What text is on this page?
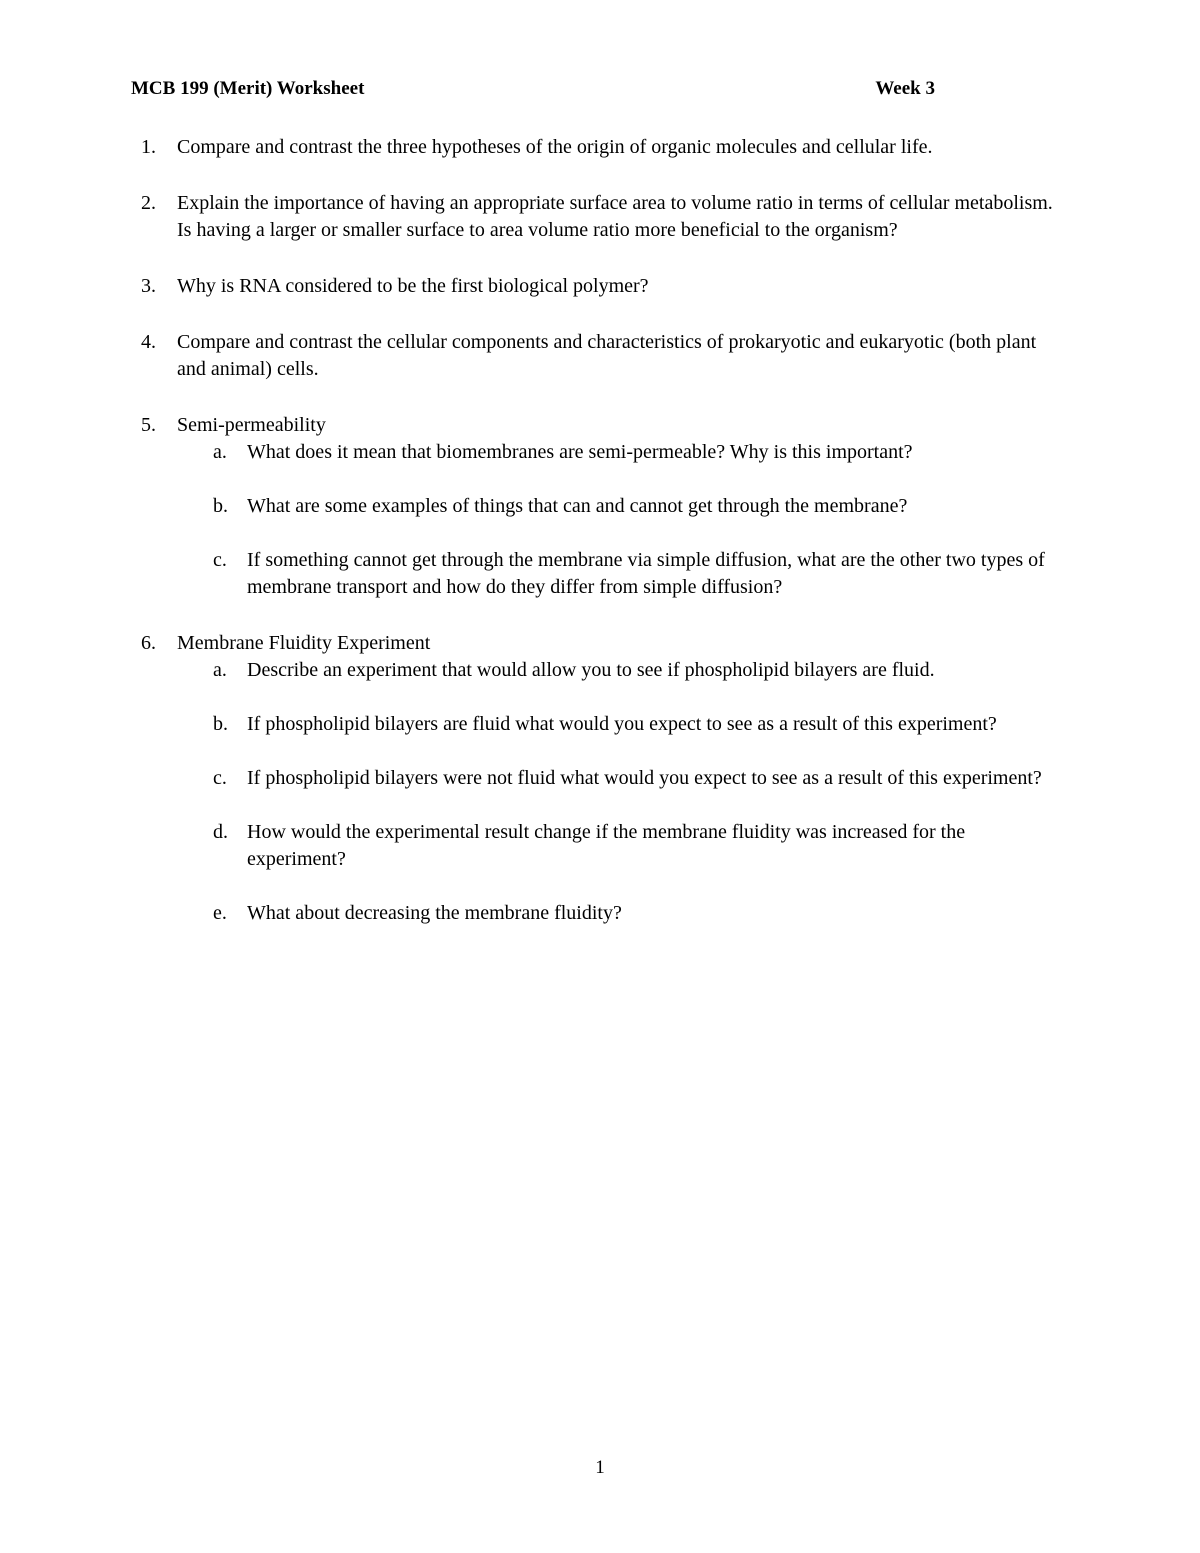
MCB 199 (Merit) Worksheet	Week 3
1. Compare and contrast the three hypotheses of the origin of organic molecules and cellular life.
2. Explain the importance of having an appropriate surface area to volume ratio in terms of cellular metabolism. Is having a larger or smaller surface to area volume ratio more beneficial to the organism?
3. Why is RNA considered to be the first biological polymer?
4. Compare and contrast the cellular components and characteristics of prokaryotic and eukaryotic (both plant and animal) cells.
5. Semi-permeability
a. What does it mean that biomembranes are semi-permeable? Why is this important?
b. What are some examples of things that can and cannot get through the membrane?
c. If something cannot get through the membrane via simple diffusion, what are the other two types of membrane transport and how do they differ from simple diffusion?
6. Membrane Fluidity Experiment
a. Describe an experiment that would allow you to see if phospholipid bilayers are fluid.
b. If phospholipid bilayers are fluid what would you expect to see as a result of this experiment?
c. If phospholipid bilayers were not fluid what would you expect to see as a result of this experiment?
d. How would the experimental result change if the membrane fluidity was increased for the experiment?
e. What about decreasing the membrane fluidity?
1
